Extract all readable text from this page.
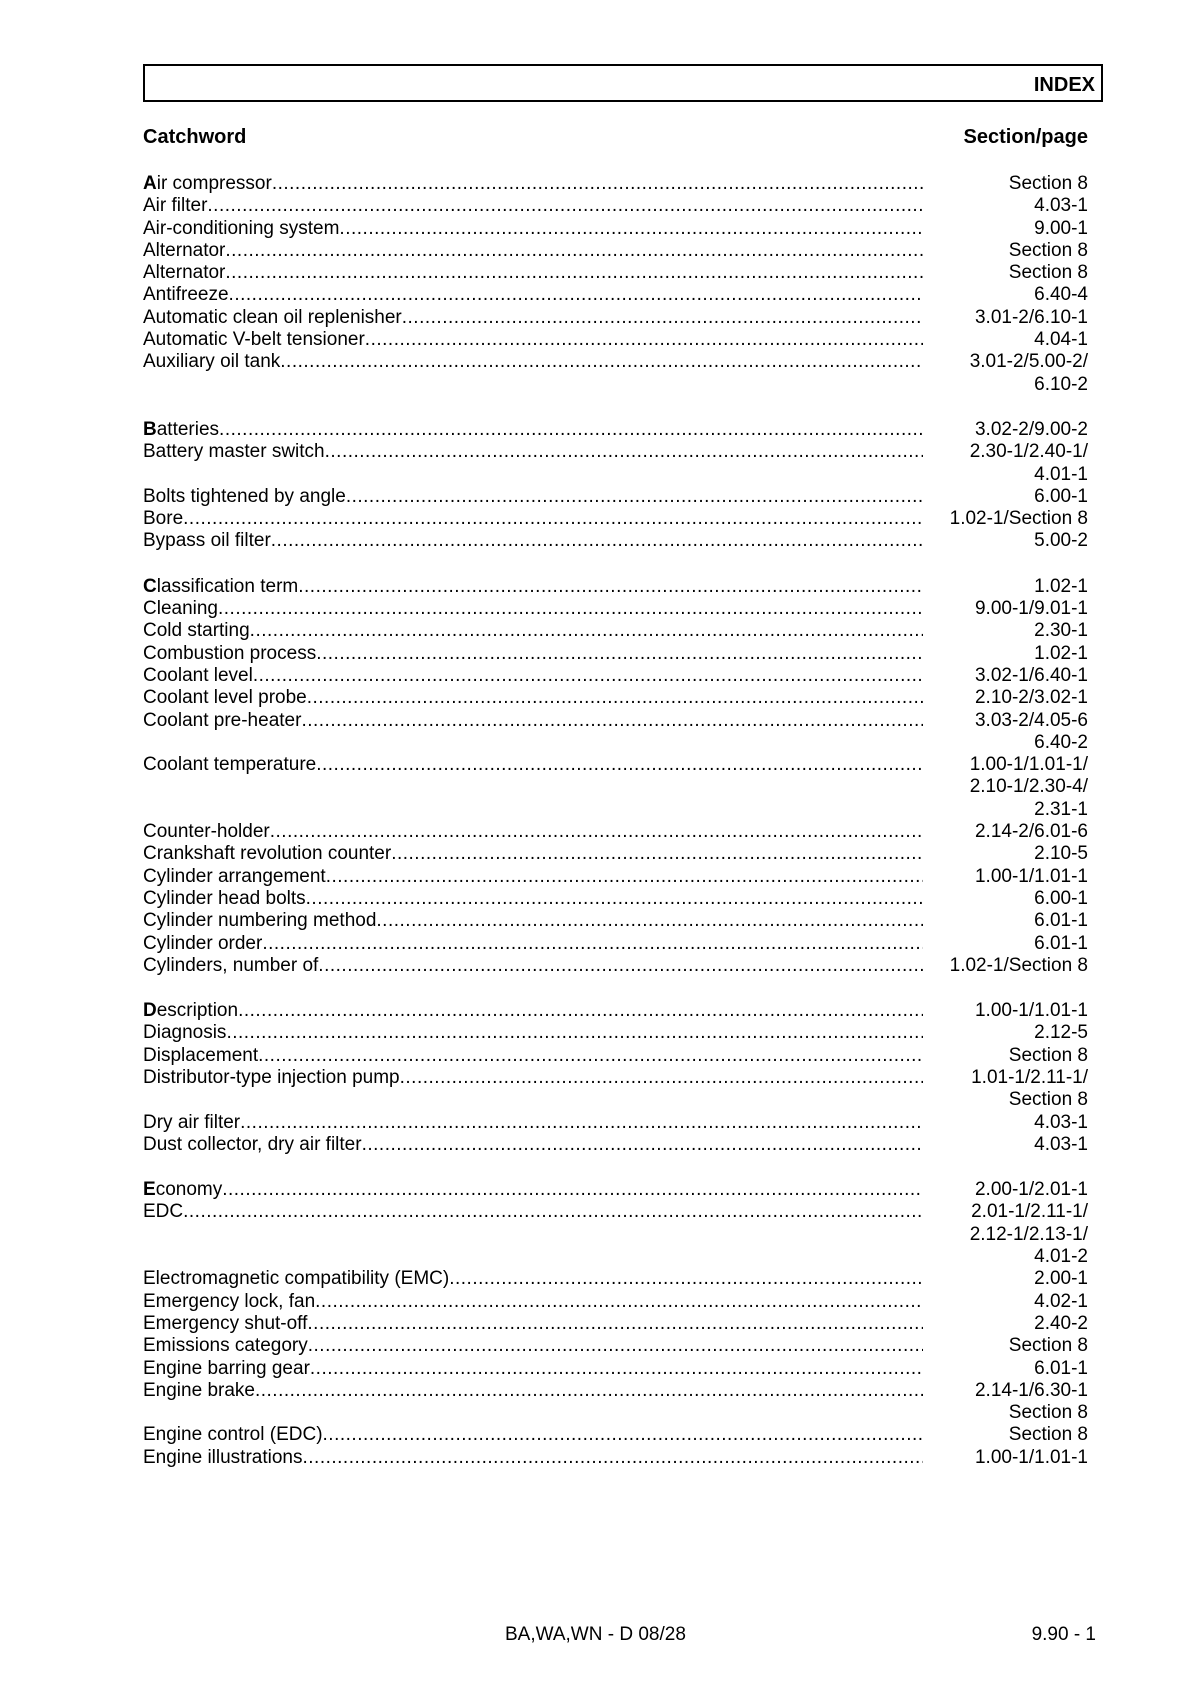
INDEX
Catchword	Section/page
Air compressor .....	Section 8
Air filter .....	4.03-1
Air-conditioning system .....	9.00-1
Alternator .....	Section 8
Alternator .....	Section 8
Antifreeze .....	6.40-4
Automatic clean oil replenisher .....	3.01-2/6.10-1
Automatic V-belt tensioner .....	4.04-1
Auxiliary oil tank .....	3.01-2/5.00-2/
6.10-2
Batteries .....	3.02-2/9.00-2
Battery master switch .....	2.30-1/2.40-1/
4.01-1
Bolts tightened by angle .....	6.00-1
Bore .....	1.02-1/Section 8
Bypass oil filter .....	5.00-2
Classification term .....	1.02-1
Cleaning .....	9.00-1/9.01-1
Cold starting .....	2.30-1
Combustion process .....	1.02-1
Coolant level .....	3.02-1/6.40-1
Coolant level probe .....	2.10-2/3.02-1
Coolant pre-heater .....	3.03-2/4.05-6
6.40-2
Coolant temperature .....	1.00-1/1.01-1/
2.10-1/2.30-4/
2.31-1
Counter-holder .....	2.14-2/6.01-6
Crankshaft revolution counter .....	2.10-5
Cylinder arrangement .....	1.00-1/1.01-1
Cylinder head bolts .....	6.00-1
Cylinder numbering method .....	6.01-1
Cylinder order .....	6.01-1
Cylinders, number of .....	1.02-1/Section 8
Description .....	1.00-1/1.01-1
Diagnosis .....	2.12-5
Displacement .....	Section 8
Distributor-type injection pump .....	1.01-1/2.11-1/
Section 8
Dry air filter .....	4.03-1
Dust collector, dry air filter .....	4.03-1
Economy .....	2.00-1/2.01-1
EDC .....	2.01-1/2.11-1/
2.12-1/2.13-1/
4.01-2
Electromagnetic compatibility (EMC) .....	2.00-1
Emergency lock, fan .....	4.02-1
Emergency shut-off .....	2.40-2
Emissions category .....	Section 8
Engine barring gear .....	6.01-1
Engine brake .....	2.14-1/6.30-1
Section 8
Engine control (EDC) .....	Section 8
Engine illustrations .....	1.00-1/1.01-1
BA,WA,WN - D 08/28	9.90 - 1
